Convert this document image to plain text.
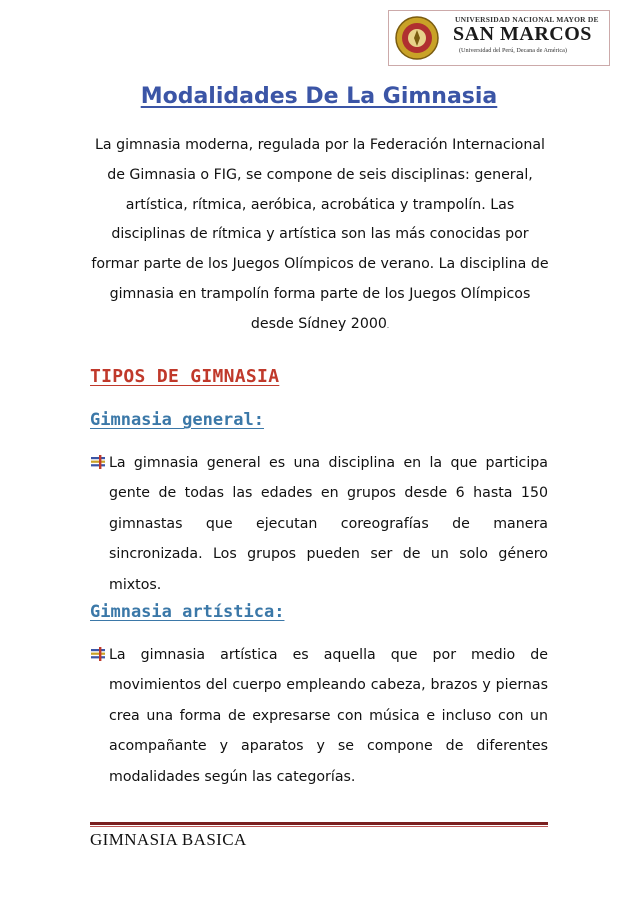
UNIVERSIDAD NACIONAL MAYOR DE
SAN MARCOS
(Universidad del Perú, Decana de América)
Modalidades De La Gimnasia

La gimnasia moderna, regulada por la Federación Internacional de Gimnasia o FIG, se compone de seis disciplinas: general, artística, rítmica, aeróbica, acrobática y trampolín. Las disciplinas de rítmica y artística son las más conocidas por formar parte de los Juegos Olímpicos de verano. La disciplina de gimnasia en trampolín forma parte de los Juegos Olímpicos desde Sídney 2000.

TIPOS DE GIMNASIA
Gimnasia general:

La gimnasia general es una disciplina en la que participa gente de todas las edades en grupos desde 6 hasta 150 gimnastas que ejecutan coreografías de manera sincronizada. Los grupos pueden ser de un solo género mixtos.

Gimnasia artística:

La gimnasia artística es aquella que por medio de movimientos del cuerpo empleando cabeza, brazos y piernas crea una forma de expresarse con música e incluso con un acompañante y aparatos y se compone de diferentes modalidades según las categorías.

GIMNASIA BASICA
